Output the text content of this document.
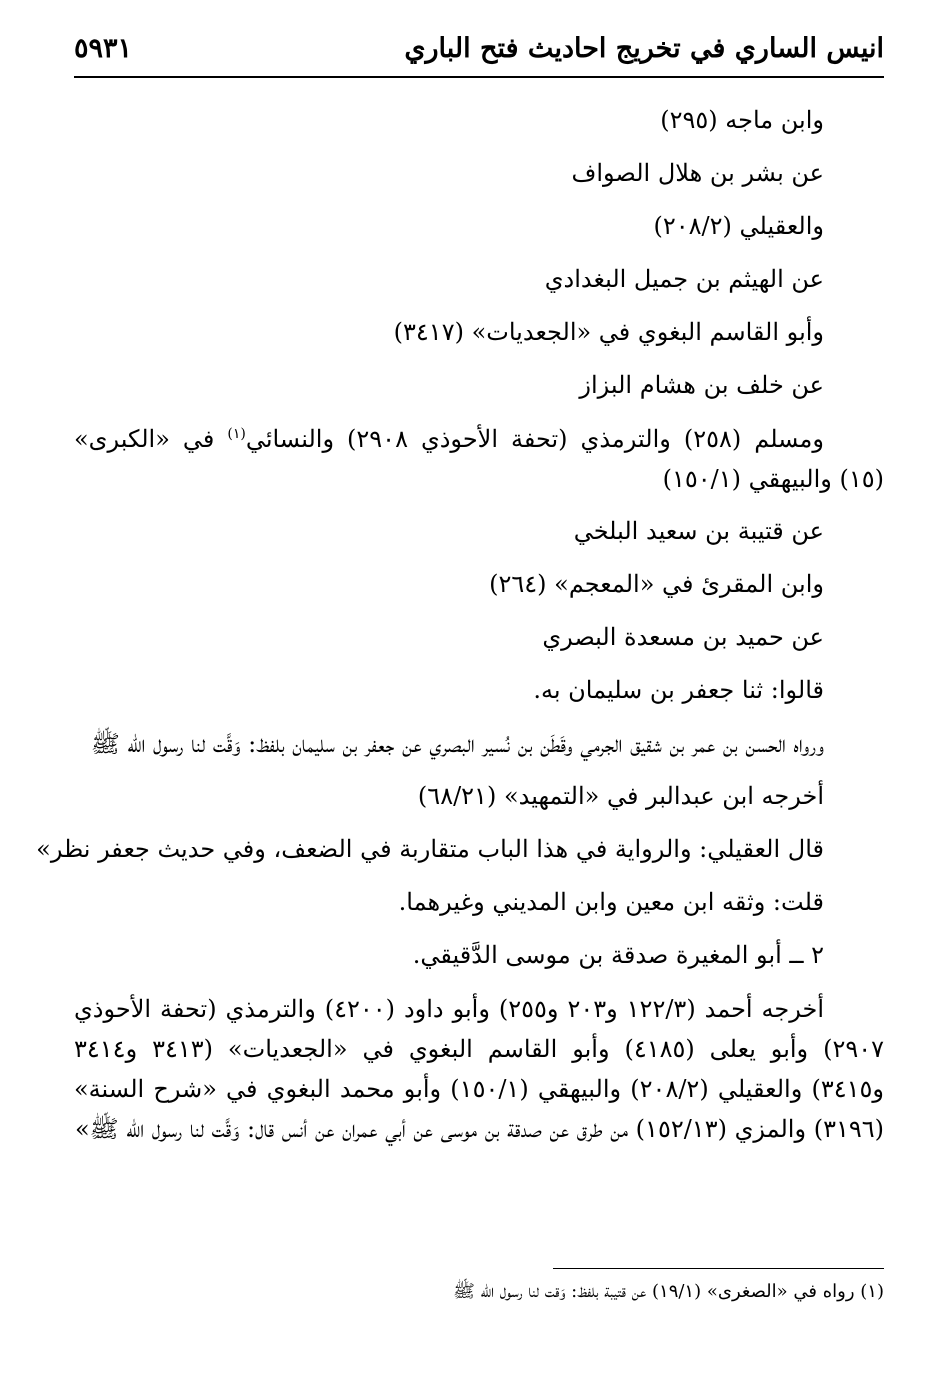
انيس الساري في تخريج احاديث فتح الباري
٥٩٣١
وابن ماجه (٢٩٥)
عن بشر بن هلال الصواف
والعقيلي (٢٠٨/٢)
عن الهيثم بن جميل البغدادي
وأبو القاسم البغوي في «الجعديات» (٣٤١٧)
عن خلف بن هشام البزاز
ومسلم (٢٥٨) والترمذي (تحفة الأحوذي ٢٩٠٨) والنسائي$^{(١)}$ في «الكبرى» (١٥) والبيهقي (١٥٠/١)
عن قتيبة بن سعيد البلخي
وابن المقرئ في «المعجم» (٢٦٤)
عن حميد بن مسعدة البصري
قالوا: ثنا جعفر بن سليمان به.
ورواه الحسن بن عمر بن شقيق الجرمي وقَطَن بن نُسير البصري عن جعفر بن سليمان بلفظ: وَقَّت لنا رسول الله ﷺ
أخرجه ابن عبدالبر في «التمهيد» (٦٨/٢١)
قال العقيلي: والرواية في هذا الباب متقاربة في الضعف، وفي حديث جعفر نظر»
قلت: وثقه ابن معين وابن المديني وغيرهما.
٢ ــ أبو المغيرة صدقة بن موسى الدَّقيقي.
أخرجه أحمد (١٢٢/٣ و٢٠٣ و٢٥٥) وأبو داود (٤٢٠٠) والترمذي (تحفة الأحوذي ٢٩٠٧) وأبو يعلى (٤١٨٥) وأبو القاسم البغوي في «الجعديات» (٣٤١٣ و٣٤١٤ و٣٤١٥) والعقيلي (٢٠٨/٢) والبيهقي (١٥٠/١) وأبو محمد البغوي في «شرح السنة» (٣١٩٦) والمزي (١٥٢/١٣) من طرق عن صدقة بن موسى عن أبي عمران عن أنس قال: وَقَّت لنا رسول الله ﷺ»
(١) رواه في «الصغرى» (١٩/١) عن قتيبة بلفظ: وَقت لنا رسول الله ﷺ
